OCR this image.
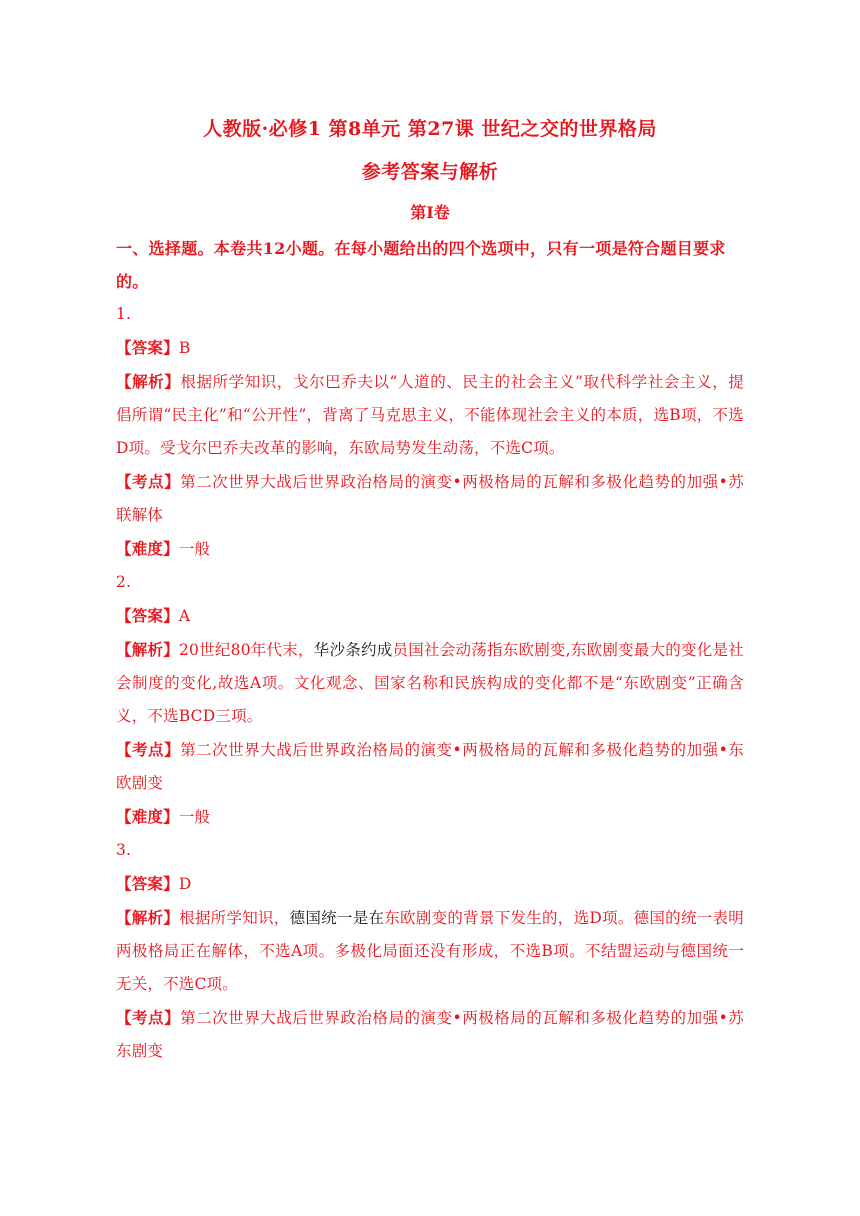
人教版·必修1 第8单元 第27课 世纪之交的世界格局
参考答案与解析
第Ⅰ卷
一、选择题。本卷共12小题。在每小题给出的四个选项中，只有一项是符合题目要求的。
1.
【答案】B
【解析】根据所学知识，戈尔巴乔夫以“人道的、民主的社会主义”取代科学社会主义，提倡所谓“民主化”和“公开性”，背离了马克思主义，不能体现社会主义的本质，选B项，不选D项。受戈尔巴乔夫改革的影响，东欧局势发生动荡，不选C项。
【考点】第二次世界大战后世界政治格局的演变•两极格局的瓦解和多极化趋势的加强•苏联解体
【难度】一般
2.
【答案】A
【解析】20世纪80年代末，华沙条约成员国社会动荡指东欧剧变,东欧剧变最大的变化是社会制度的变化,故选A项。文化观念、国家名称和民族构成的变化都不是“东欧剧变”正确含义，不选BCD三项。
【考点】第二次世界大战后世界政治格局的演变•两极格局的瓦解和多极化趋势的加强•东欧剧变
【难度】一般
3.
【答案】D
【解析】根据所学知识，德国统一是在东欧剧变的背景下发生的，选D项。德国的统一表明两极格局正在解体，不选A项。多极化局面还没有形成，不选B项。不结盟运动与德国统一无关，不选C项。
【考点】第二次世界大战后世界政治格局的演变•两极格局的瓦解和多极化趋势的加强•苏东剧变
